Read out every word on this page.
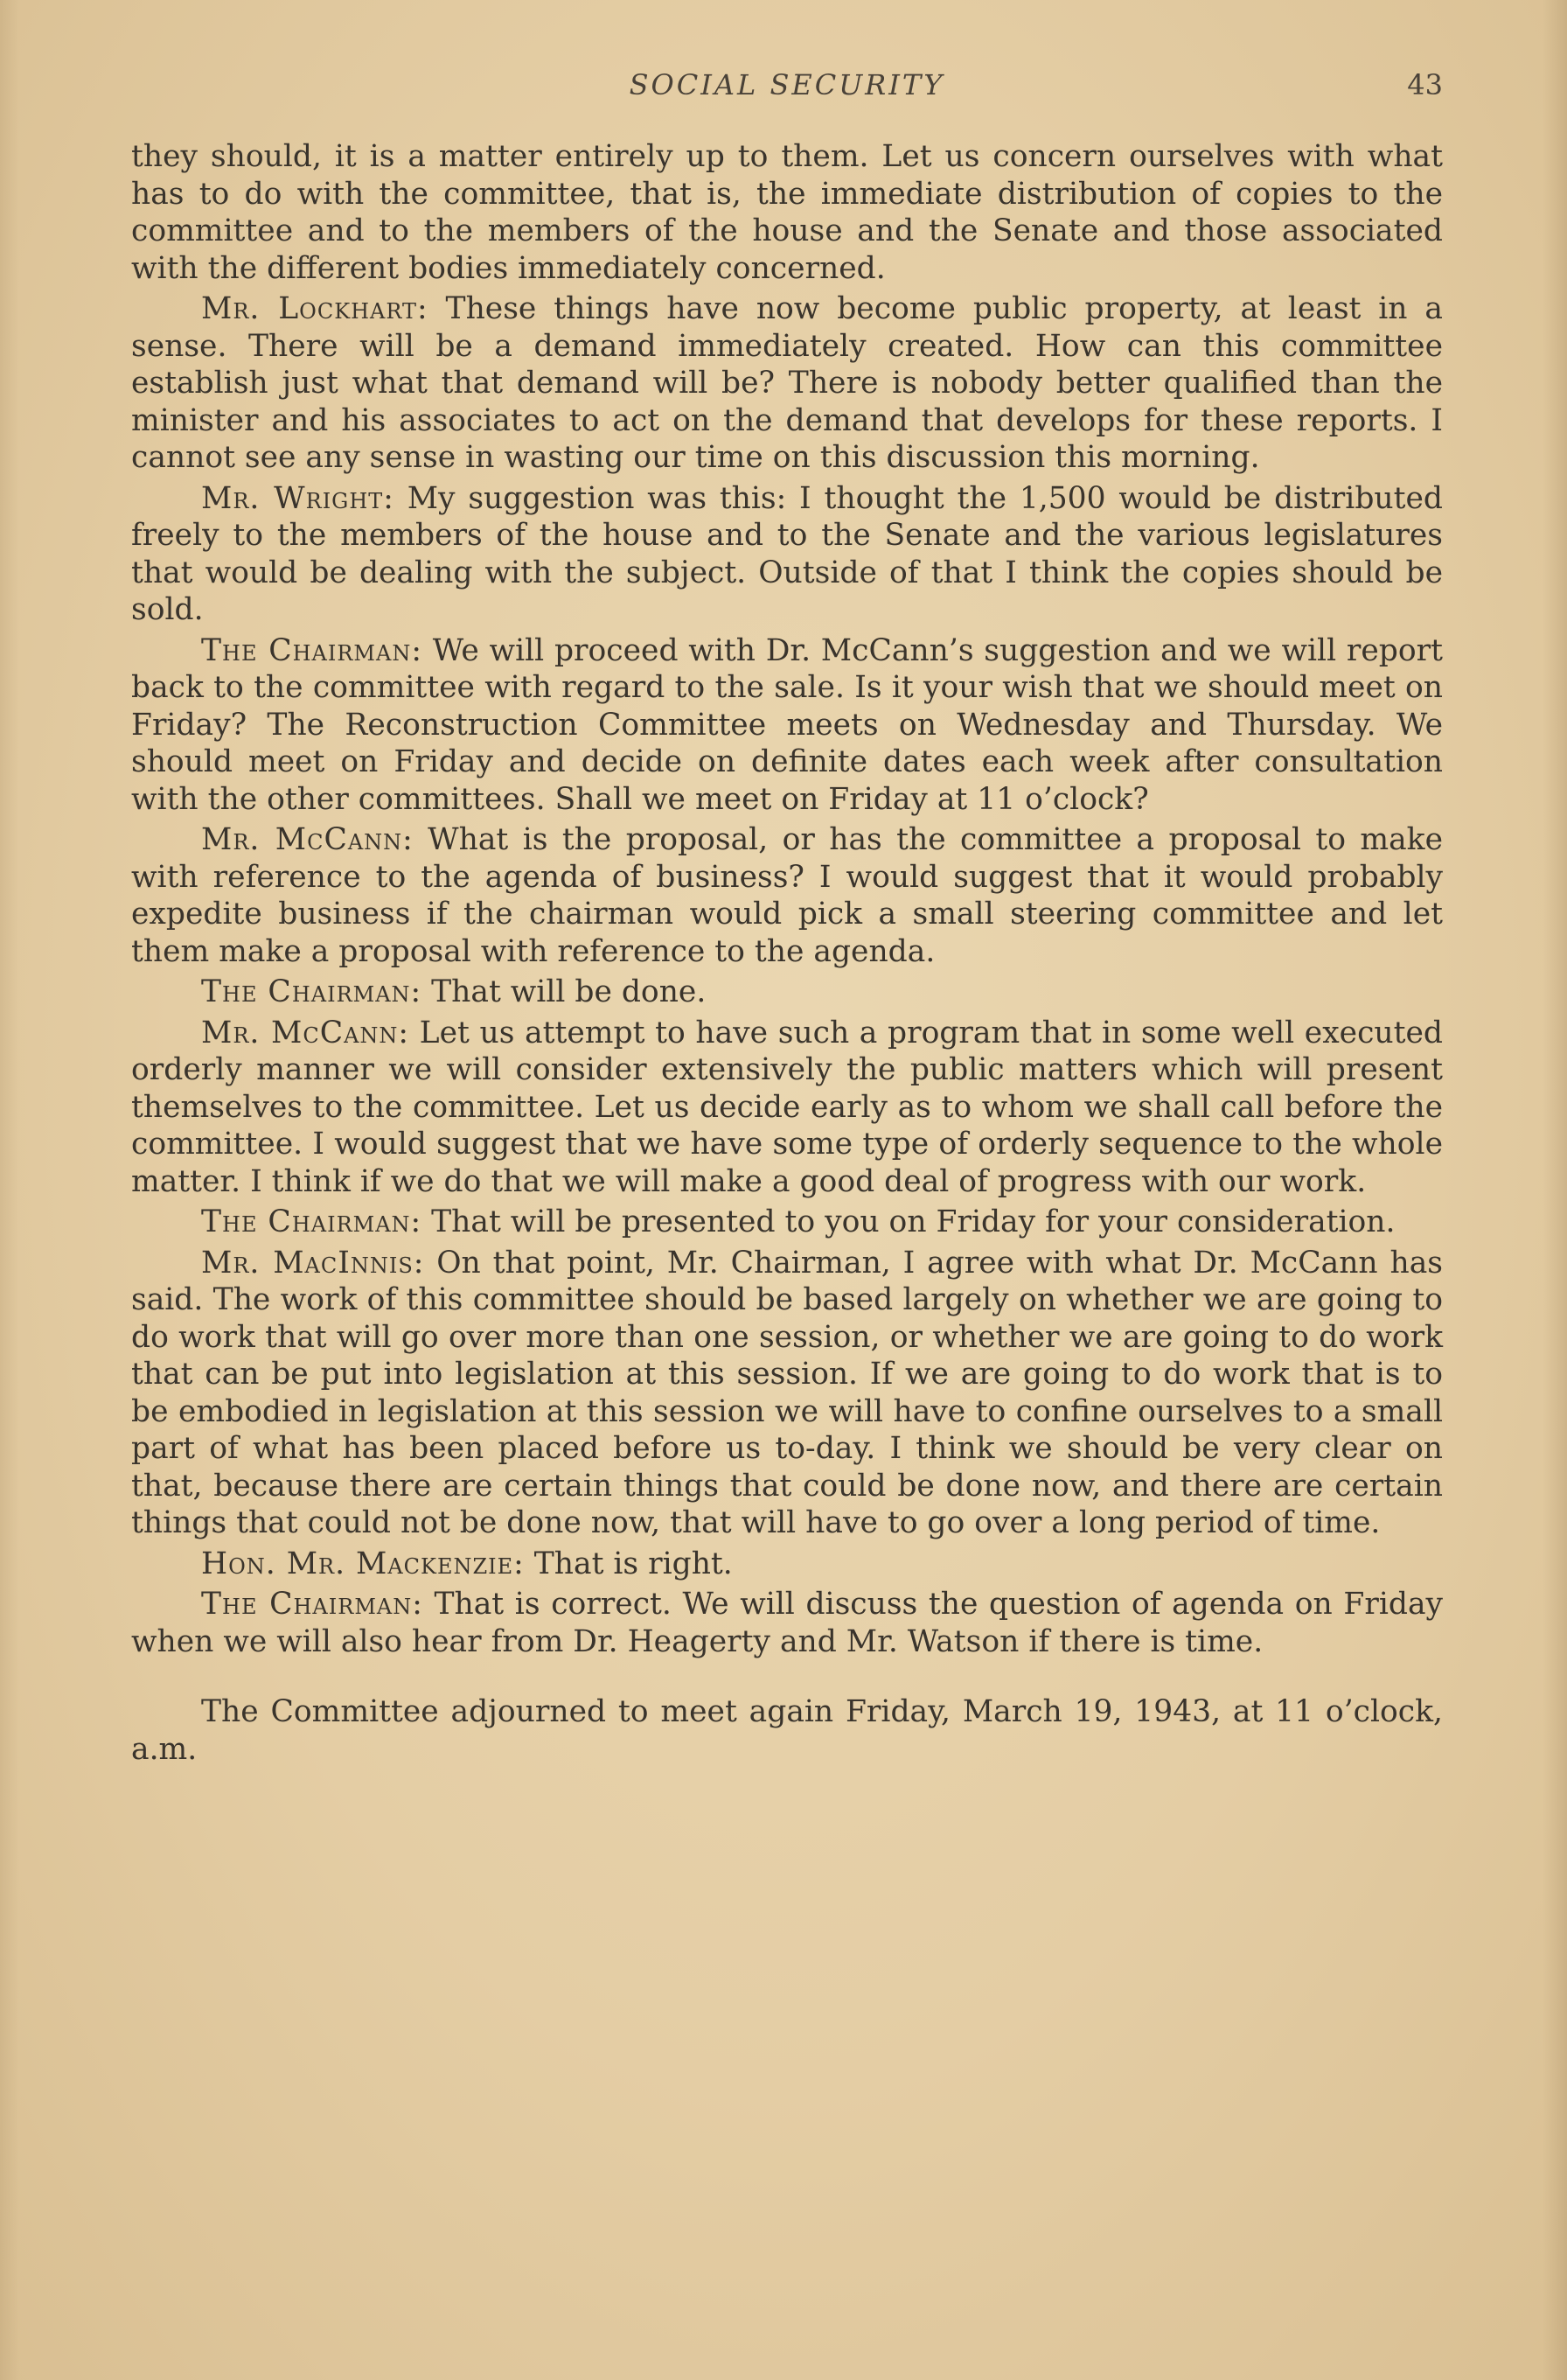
SOCIAL SECURITY	43

they should, it is a matter entirely up to them. Let us concern ourselves with what has to do with the committee, that is, the immediate distribution of copies to the committee and to the members of the house and the Senate and those associated with the different bodies immediately concerned.

Mr. Lockhart: These things have now become public property, at least in a sense. There will be a demand immediately created. How can this committee establish just what that demand will be? There is nobody better qualified than the minister and his associates to act on the demand that develops for these reports. I cannot see any sense in wasting our time on this discussion this morning.

Mr. Wright: My suggestion was this: I thought the 1,500 would be distributed freely to the members of the house and to the Senate and the various legislatures that would be dealing with the subject. Outside of that I think the copies should be sold.

The Chairman: We will proceed with Dr. McCann’s suggestion and we will report back to the committee with regard to the sale. Is it your wish that we should meet on Friday? The Reconstruction Committee meets on Wednesday and Thursday. We should meet on Friday and decide on definite dates each week after consultation with the other committees. Shall we meet on Friday at 11 o’clock?

Mr. McCann: What is the proposal, or has the committee a proposal to make with reference to the agenda of business? I would suggest that it would probably expedite business if the chairman would pick a small steering committee and let them make a proposal with reference to the agenda.

The Chairman: That will be done.

Mr. McCann: Let us attempt to have such a program that in some well executed orderly manner we will consider extensively the public matters which will present themselves to the committee. Let us decide early as to whom we shall call before the committee. I would suggest that we have some type of orderly sequence to the whole matter. I think if we do that we will make a good deal of progress with our work.

The Chairman: That will be presented to you on Friday for your consideration.

Mr. MacInnis: On that point, Mr. Chairman, I agree with what Dr. McCann has said. The work of this committee should be based largely on whether we are going to do work that will go over more than one session, or whether we are going to do work that can be put into legislation at this session. If we are going to do work that is to be embodied in legislation at this session we will have to confine ourselves to a small part of what has been placed before us to-day. I think we should be very clear on that, because there are certain things that could be done now, and there are certain things that could not be done now, that will have to go over a long period of time.

Hon. Mr. Mackenzie: That is right.

The Chairman: That is correct. We will discuss the question of agenda on Friday when we will also hear from Dr. Heagerty and Mr. Watson if there is time.

The Committee adjourned to meet again Friday, March 19, 1943, at 11 o’clock, a.m.
